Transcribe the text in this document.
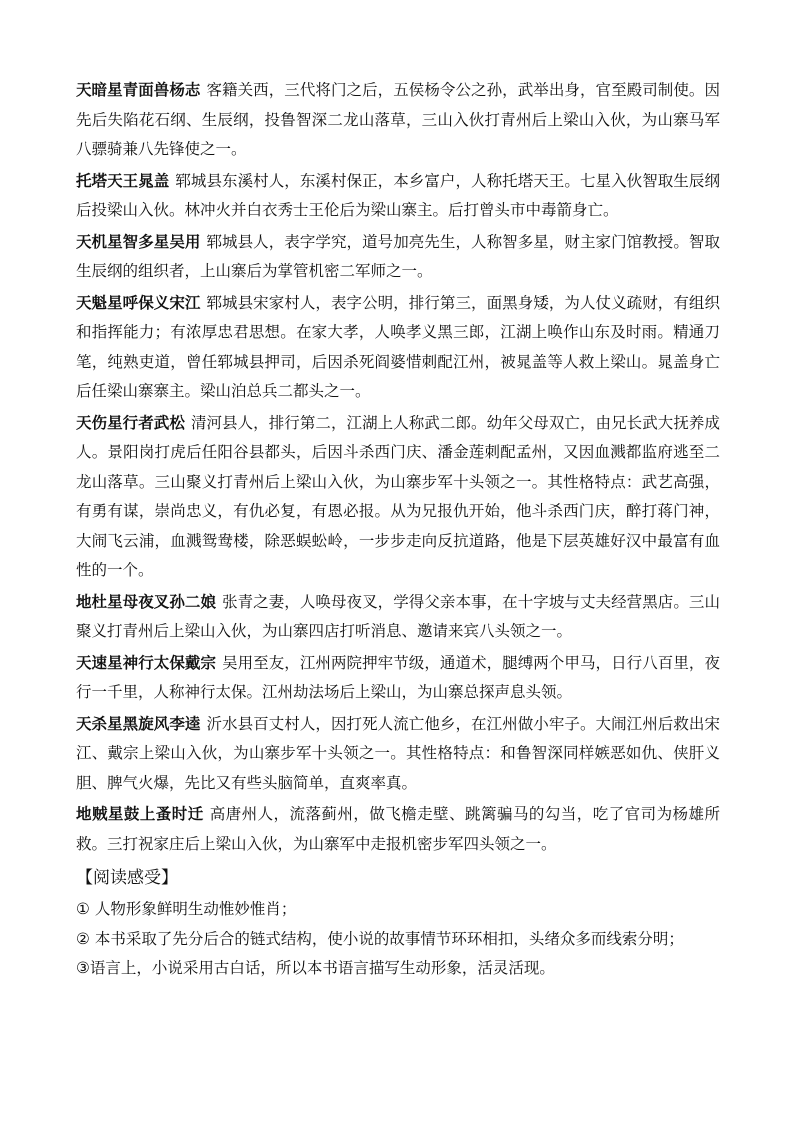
天暗星青面兽杨志 客籍关西，三代将门之后，五侯杨令公之孙，武举出身，官至殿司制使。因先后失陷花石纲、生辰纲，投鲁智深二龙山落草，三山入伙打青州后上梁山入伙，为山寨马军八骠骑兼八先锋使之一。

托塔天王晁盖 郓城县东溪村人，东溪村保正，本乡富户，人称托塔天王。七星入伙智取生辰纲后投梁山入伙。林冲火并白衣秀士王伦后为梁山寨主。后打曾头市中毒箭身亡。

天机星智多星吴用 郓城县人，表字学究，道号加亮先生，人称智多星，财主家门馆教授。智取生辰纲的组织者，上山寨后为掌管机密二军师之一。

天魁星呼保义宋江 郓城县宋家村人，表字公明，排行第三，面黑身矮，为人仗义疏财，有组织和指挥能力；有浓厚忠君思想。在家大孝，人唤孝义黑三郎，江湖上唤作山东及时雨。精通刀笔，纯熟吏道，曾任郓城县押司，后因杀死阎婆惜刺配江州，被晁盖等人救上梁山。晁盖身亡后任梁山寨寨主。梁山泊总兵二都头之一。

天伤星行者武松 清河县人，排行第二，江湖上人称武二郎。幼年父母双亡，由兄长武大抚养成人。景阳岗打虎后任阳谷县都头，后因斗杀西门庆、潘金莲刺配孟州，又因血溅都监府逃至二龙山落草。三山聚义打青州后上梁山入伙，为山寨步军十头领之一。其性格特点：武艺高强，有勇有谋，崇尚忠义，有仇必复，有恩必报。从为兄报仇开始，他斗杀西门庆，醉打蒋门神，大闹飞云浦，血溅鸳鸯楼，除恶蜈蚣岭，一步步走向反抗道路，他是下层英雄好汉中最富有血性的一个。

地杜星母夜叉孙二娘 张青之妻，人唤母夜叉，学得父亲本事，在十字坡与丈夫经营黑店。三山聚义打青州后上梁山入伙，为山寨四店打听消息、邀请来宾八头领之一。

天速星神行太保戴宗 吴用至友，江州两院押牢节级，通道术，腿缚两个甲马，日行八百里，夜行一千里，人称神行太保。江州劫法场后上梁山，为山寨总探声息头领。

天杀星黑旋风李逵 沂水县百丈村人，因打死人流亡他乡，在江州做小牢子。大闹江州后救出宋江、戴宗上梁山入伙，为山寨步军十头领之一。其性格特点：和鲁智深同样嫉恶如仇、侠肝义胆、脾气火爆，先比又有些头脑简单，直爽率真。

地贼星鼓上蚤时迁 高唐州人，流落蓟州，做飞檐走壁、跳篱骗马的勾当，吃了官司为杨雄所救。三打祝家庄后上梁山入伙，为山寨军中走报机密步军四头领之一。

【阅读感受】

① 人物形象鲜明生动惟妙惟肖；

② 本书采取了先分后合的链式结构，使小说的故事情节环环相扣，头绪众多而线索分明；

③语言上，小说采用古白话，所以本书语言描写生动形象，活灵活现。
